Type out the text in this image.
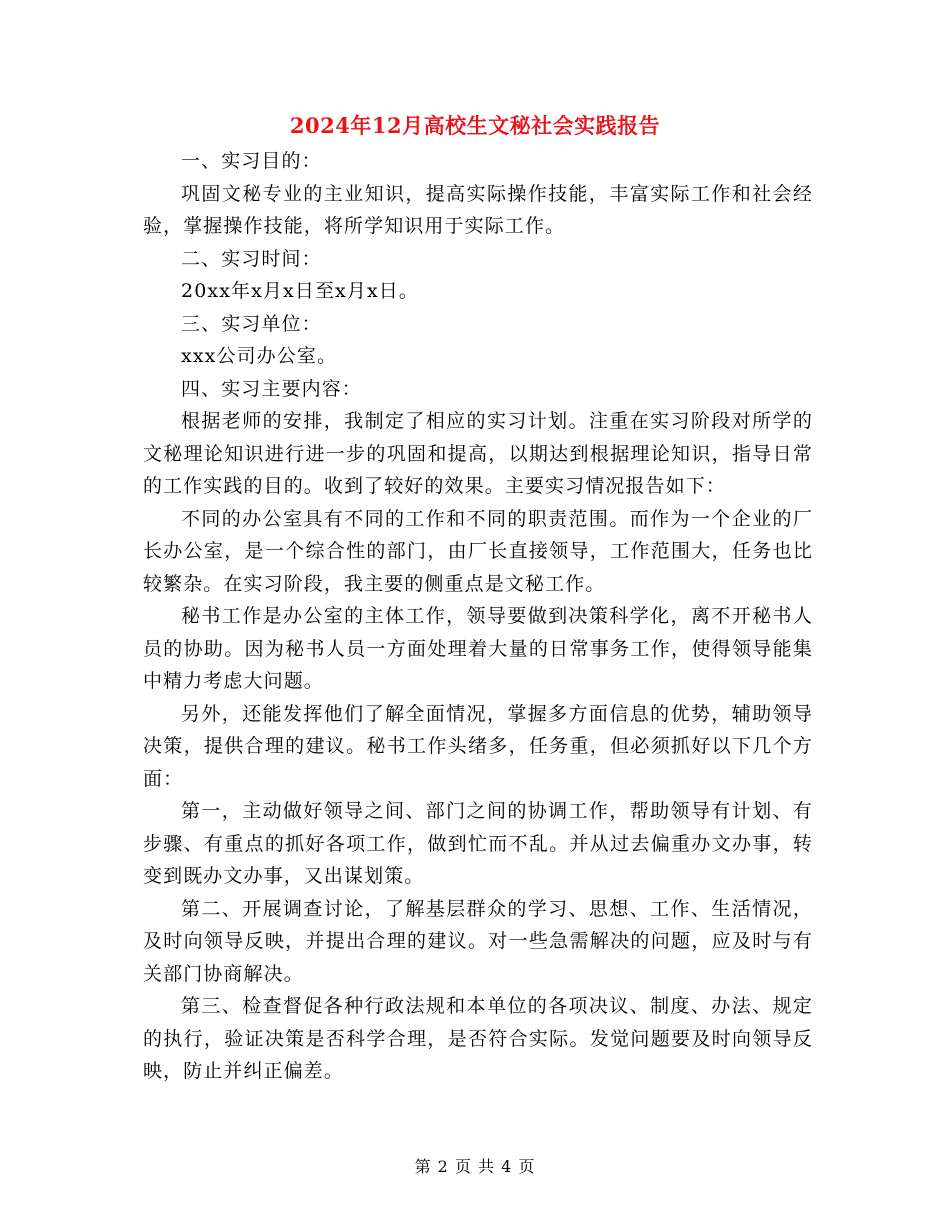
2024年12月高校生文秘社会实践报告

一、实习目的：

巩固文秘专业的主业知识，提高实际操作技能，丰富实际工作和社会经验，掌握操作技能，将所学知识用于实际工作。

二、实习时间：

20xx年x月x日至x月x日。

三、实习单位：

xxx公司办公室。

四、实习主要内容：

根据老师的安排，我制定了相应的实习计划。注重在实习阶段对所学的文秘理论知识进行进一步的巩固和提高，以期达到根据理论知识，指导日常的工作实践的目的。收到了较好的效果。主要实习情况报告如下：

不同的办公室具有不同的工作和不同的职责范围。而作为一个企业的厂长办公室，是一个综合性的部门，由厂长直接领导，工作范围大，任务也比较繁杂。在实习阶段，我主要的侧重点是文秘工作。

秘书工作是办公室的主体工作，领导要做到决策科学化，离不开秘书人员的协助。因为秘书人员一方面处理着大量的日常事务工作，使得领导能集中精力考虑大问题。

另外，还能发挥他们了解全面情况，掌握多方面信息的优势，辅助领导决策，提供合理的建议。秘书工作头绪多，任务重，但必须抓好以下几个方面：

第一，主动做好领导之间、部门之间的协调工作，帮助领导有计划、有步骤、有重点的抓好各项工作，做到忙而不乱。并从过去偏重办文办事，转变到既办文办事，又出谋划策。

第二、开展调查讨论，了解基层群众的学习、思想、工作、生活情况，及时向领导反映，并提出合理的建议。对一些急需解决的问题，应及时与有关部门协商解决。

第三、检查督促各种行政法规和本单位的各项决议、制度、办法、规定的执行，验证决策是否科学合理，是否符合实际。发觉问题要及时向领导反映，防止并纠正偏差。

第 2 页 共 4 页
